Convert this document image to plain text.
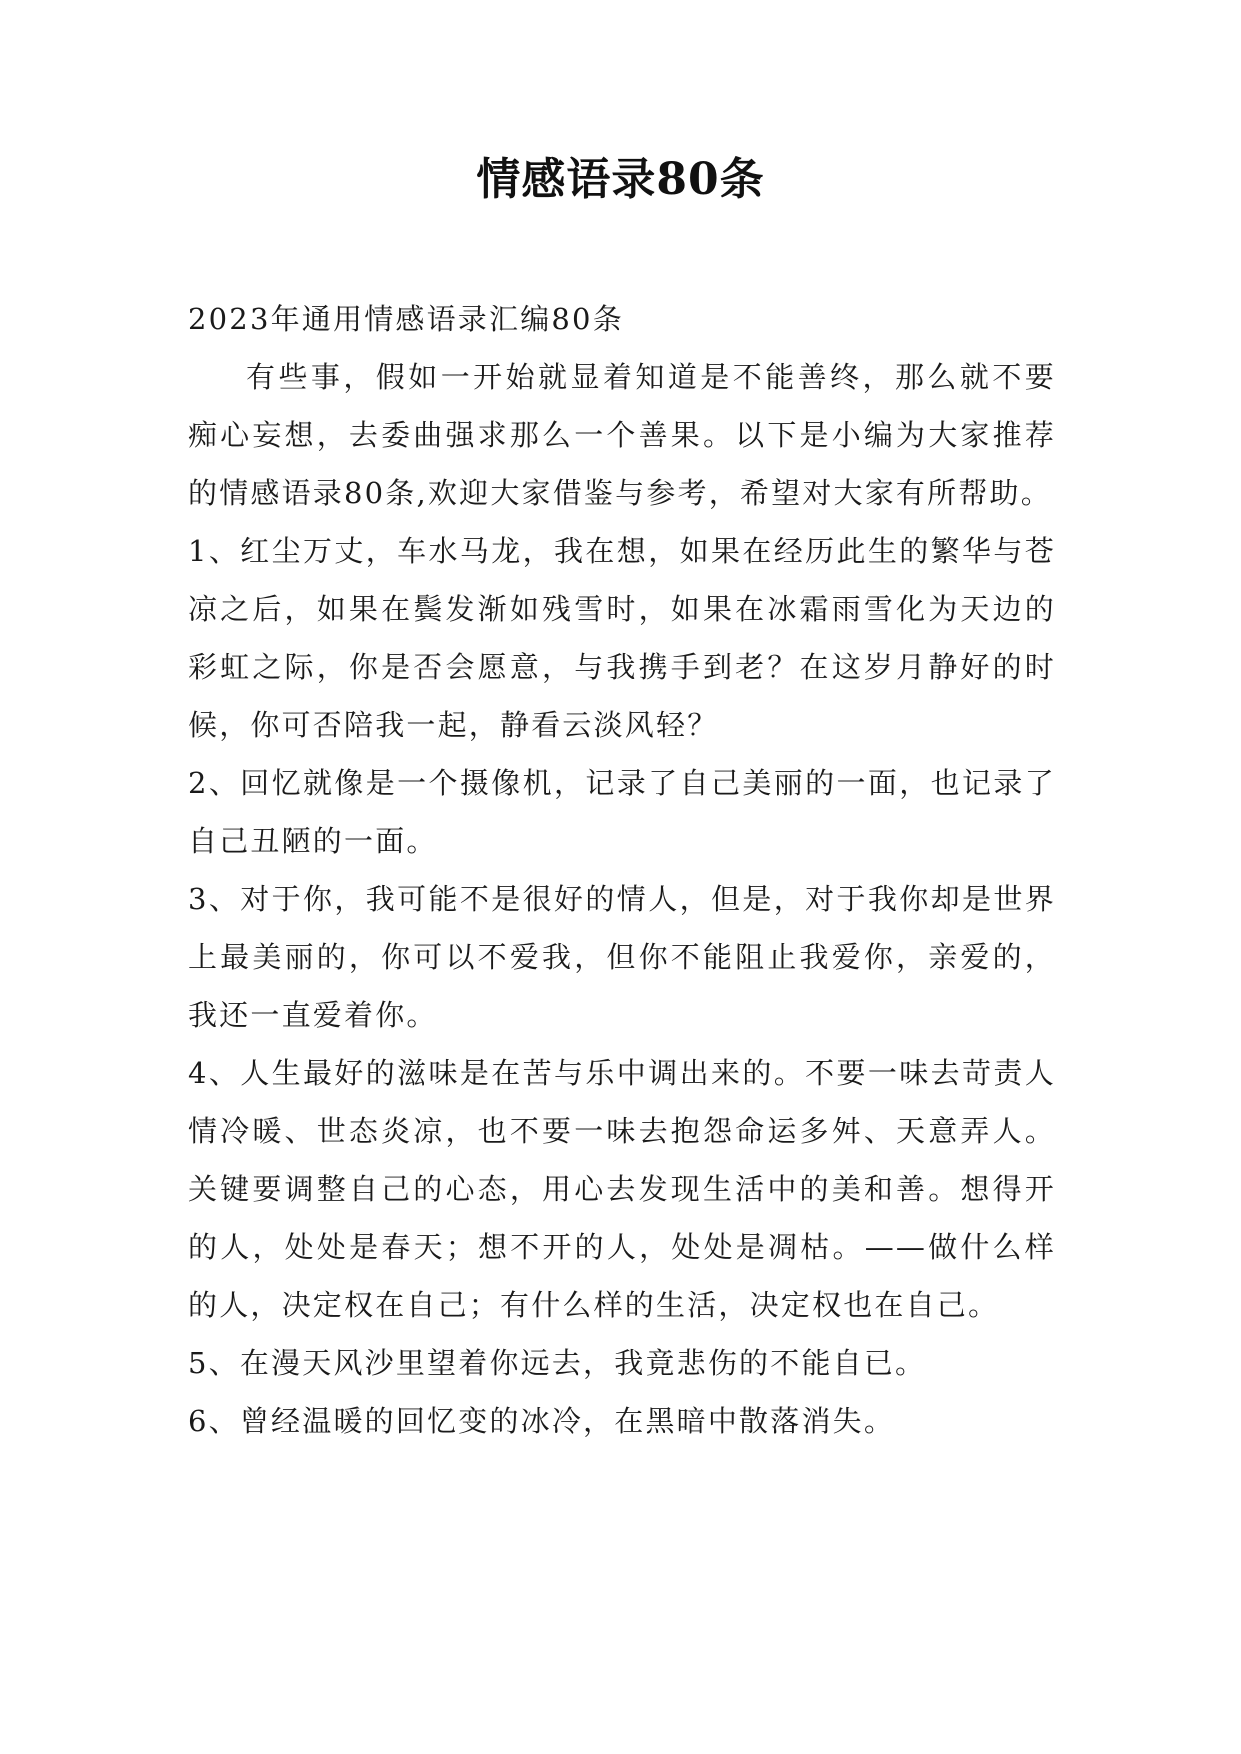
情感语录80条

2023年通用情感语录汇编80条

有些事，假如一开始就显着知道是不能善终，那么就不要痴心妄想，去委曲强求那么一个善果。以下是小编为大家推荐的情感语录80条,欢迎大家借鉴与参考，希望对大家有所帮助。

1、红尘万丈，车水马龙，我在想，如果在经历此生的繁华与苍凉之后，如果在鬓发渐如残雪时，如果在冰霜雨雪化为天边的彩虹之际，你是否会愿意，与我携手到老？在这岁月静好的时候，你可否陪我一起，静看云淡风轻？

2、回忆就像是一个摄像机，记录了自己美丽的一面，也记录了自己丑陋的一面。

3、对于你，我可能不是很好的情人，但是，对于我你却是世界上最美丽的，你可以不爱我，但你不能阻止我爱你，亲爱的，我还一直爱着你。

4、人生最好的滋味是在苦与乐中调出来的。不要一味去苛责人情冷暖、世态炎凉，也不要一味去抱怨命运多舛、天意弄人。关键要调整自己的心态，用心去发现生活中的美和善。想得开的人，处处是春天；想不开的人，处处是凋枯。——做什么样的人，决定权在自己；有什么样的生活，决定权也在自己。

5、在漫天风沙里望着你远去，我竟悲伤的不能自已。

6、曾经温暖的回忆变的冰冷，在黑暗中散落消失。
